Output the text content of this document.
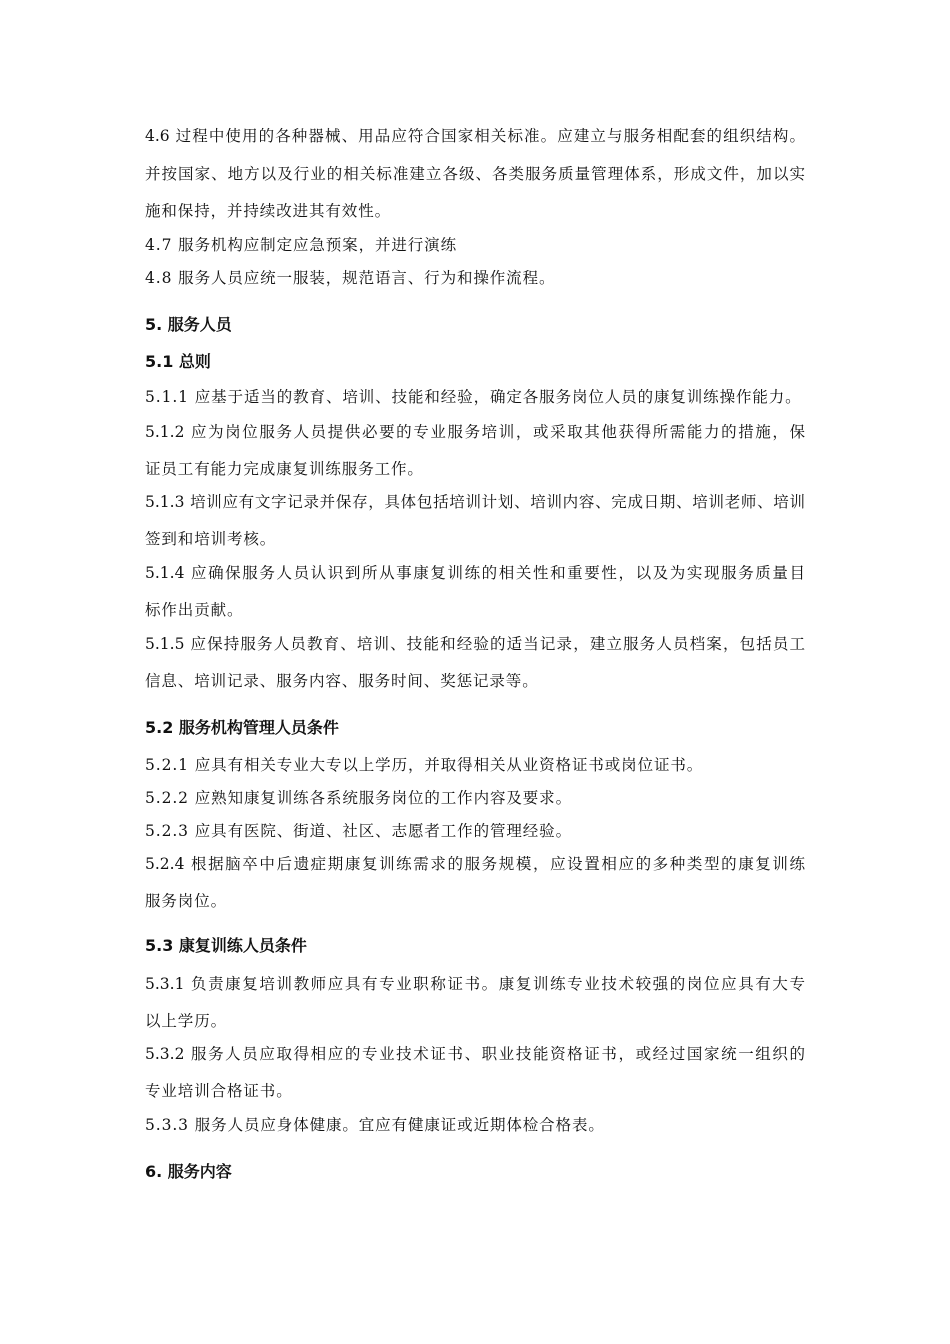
4.6 过程中使用的各种器械、用品应符合国家相关标准。应建立与服务相配套的组织结构。
并按国家、地方以及行业的相关标准建立各级、各类服务质量管理体系，形成文件，加以实
施和保持，并持续改进其有效性。
4.7 服务机构应制定应急预案，并进行演练
4.8 服务人员应统一服装，规范语言、行为和操作流程。
5. 服务人员
5.1 总则
5.1.1 应基于适当的教育、培训、技能和经验，确定各服务岗位人员的康复训练操作能力。
5.1.2 应为岗位服务人员提供必要的专业服务培训，或采取其他获得所需能力的措施，保
证员工有能力完成康复训练服务工作。
5.1.3 培训应有文字记录并保存，具体包括培训计划、培训内容、完成日期、培训老师、培训
签到和培训考核。
5.1.4 应确保服务人员认识到所从事康复训练的相关性和重要性，以及为实现服务质量目
标作出贡献。
5.1.5 应保持服务人员教育、培训、技能和经验的适当记录，建立服务人员档案，包括员工
信息、培训记录、服务内容、服务时间、奖惩记录等。
5.2 服务机构管理人员条件
5.2.1 应具有相关专业大专以上学历，并取得相关从业资格证书或岗位证书。
5.2.2 应熟知康复训练各系统服务岗位的工作内容及要求。
5.2.3 应具有医院、街道、社区、志愿者工作的管理经验。
5.2.4 根据脑卒中后遗症期康复训练需求的服务规模，应设置相应的多种类型的康复训练
服务岗位。
5.3 康复训练人员条件
5.3.1 负责康复培训教师应具有专业职称证书。康复训练专业技术较强的岗位应具有大专
以上学历。
5.3.2 服务人员应取得相应的专业技术证书、职业技能资格证书，或经过国家统一组织的
专业培训合格证书。
5.3.3 服务人员应身体健康。宜应有健康证或近期体检合格表。
6. 服务内容
